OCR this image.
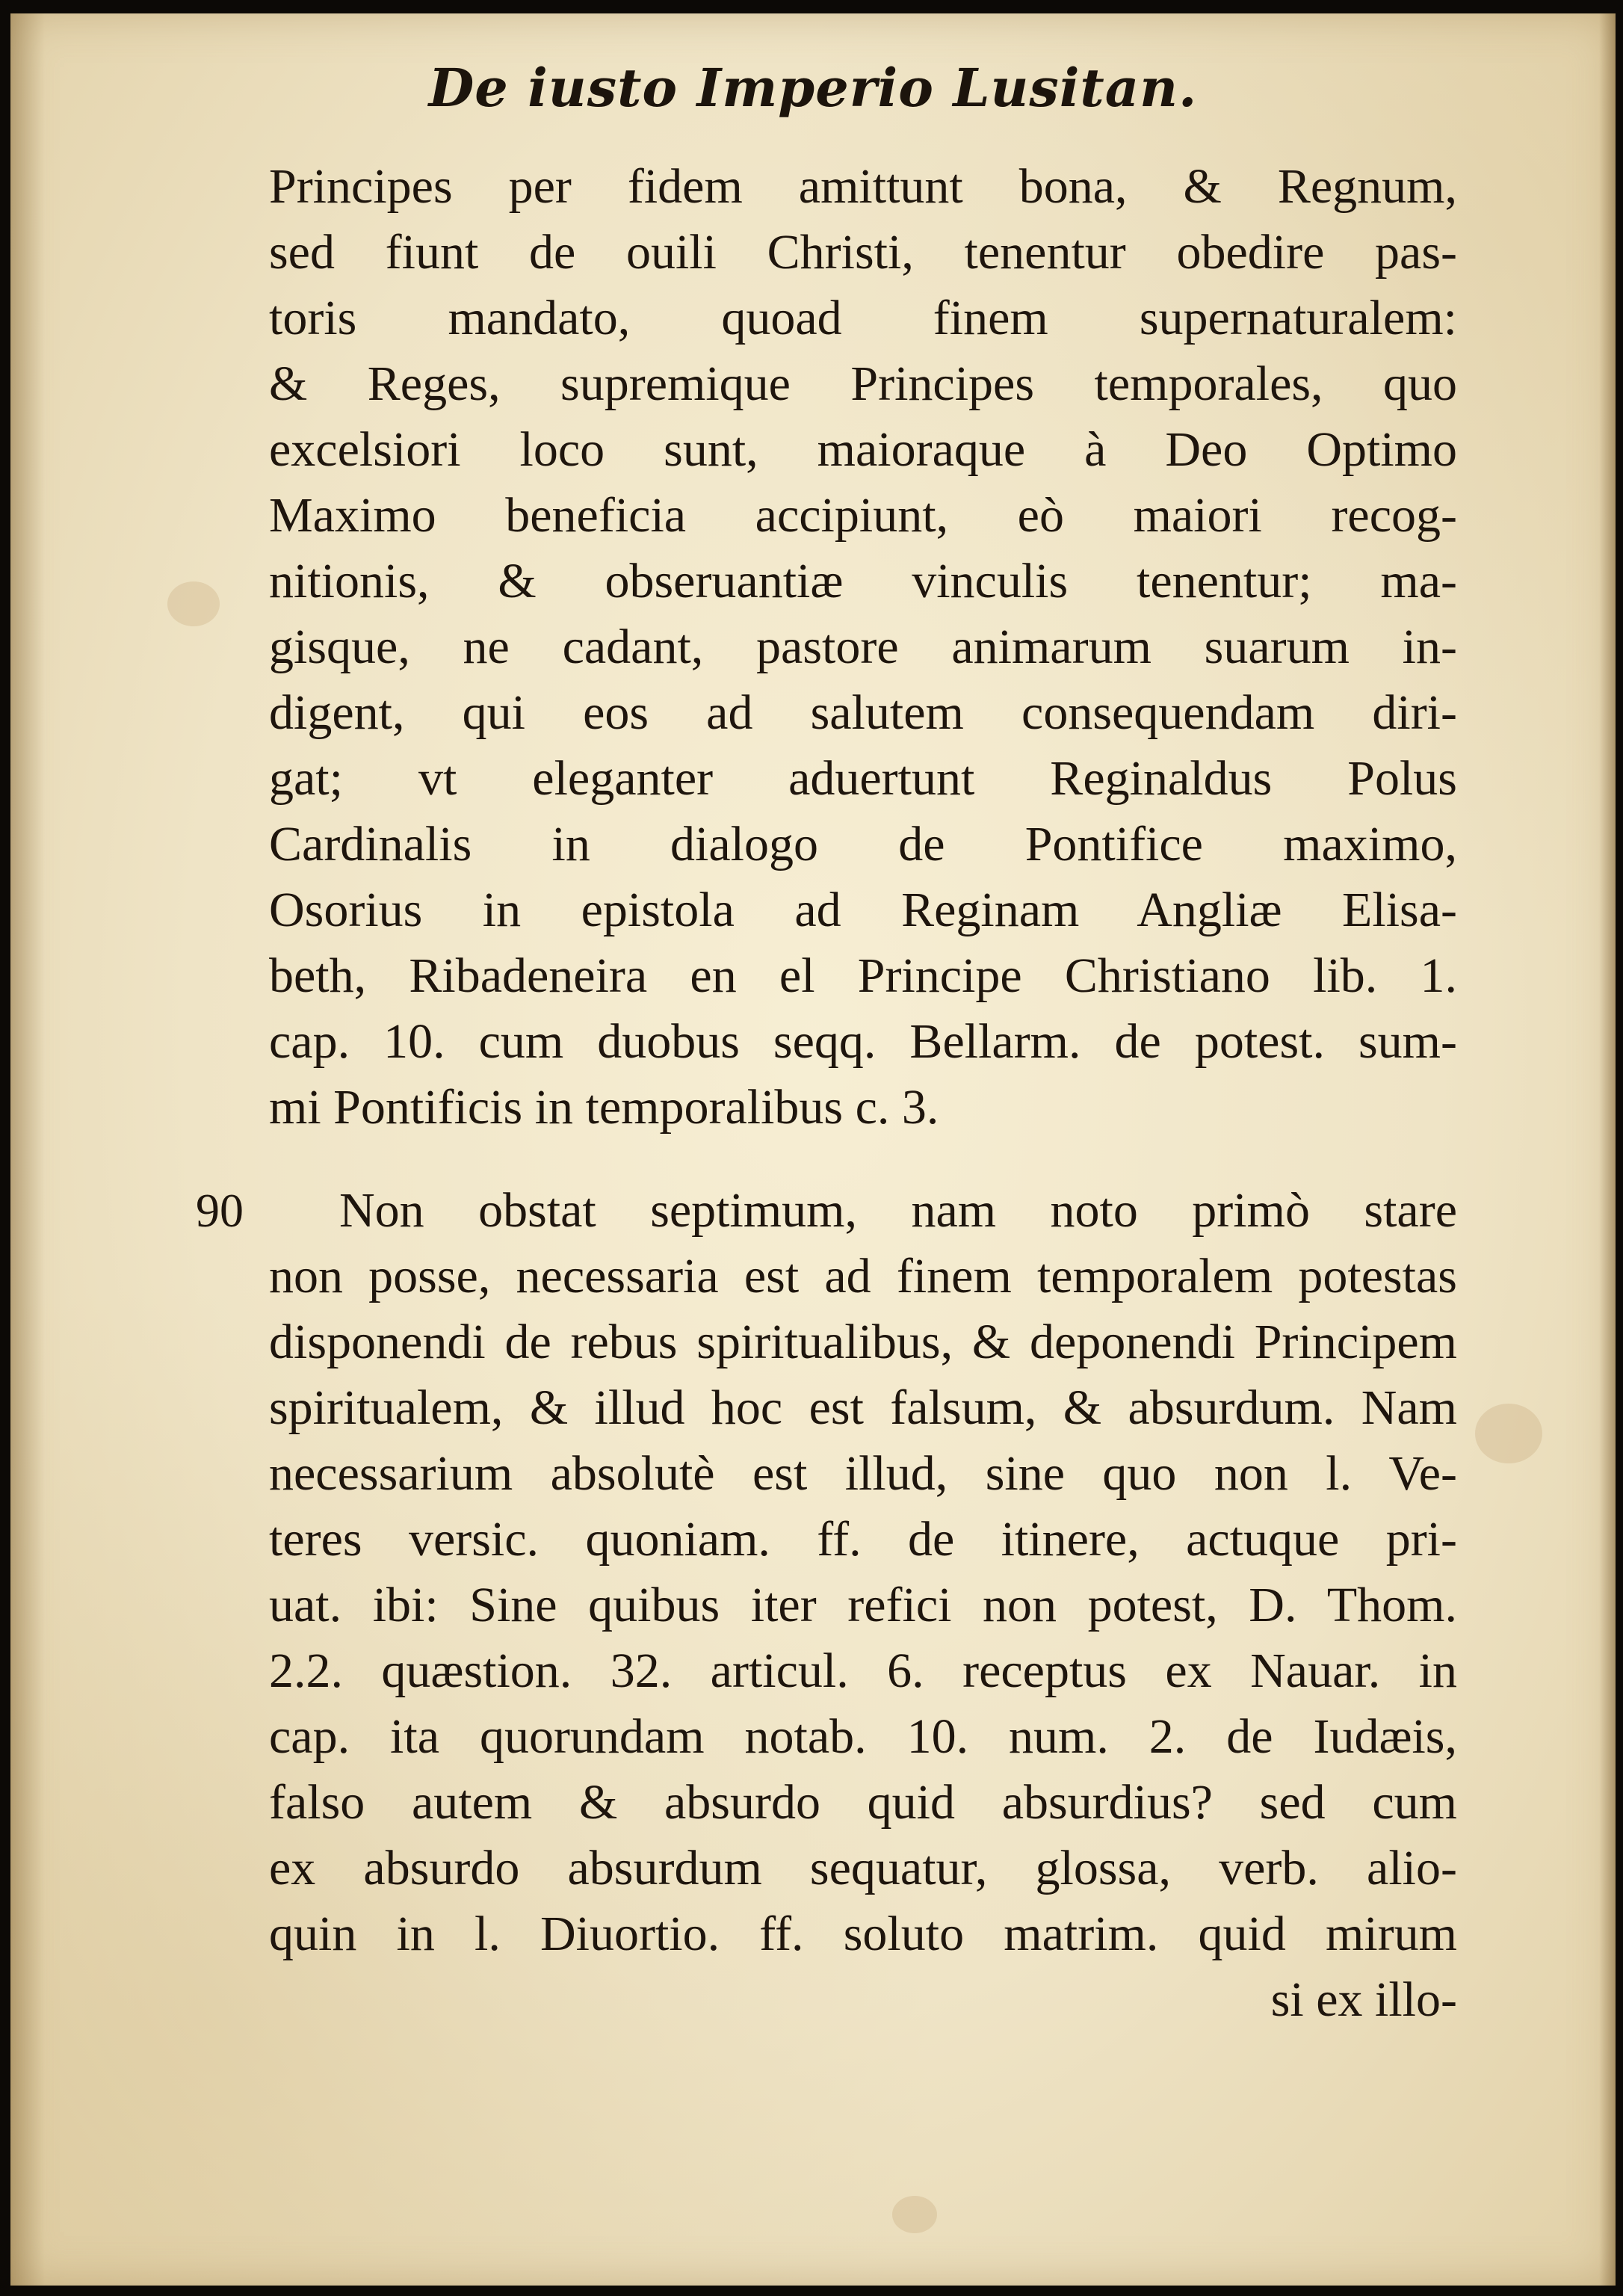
De iusto Imperio Lusitan.
90
Principes per fidem amittunt bona, & Regnum,
sed fiunt de ouili Christi, tenentur obedire pas-
toris mandato, quoad finem supernaturalem:
& Reges, supremique Principes temporales, quo
excelsiori loco sunt, maioraque à Deo Optimo
Maximo beneficia accipiunt, eò maiori recog-
nitionis, & obseruantiæ vinculis tenentur; ma-
gisque, ne cadant, pastore animarum suarum in-
digent, qui eos ad salutem consequendam diri-
gat; vt eleganter aduertunt Reginaldus Polus
Cardinalis in dialogo de Pontifice maximo,
Osorius in epistola ad Reginam Angliæ Elisa-
beth, Ribadeneira en el Principe Christiano lib. 1.
cap. 10. cum duobus seqq. Bellarm. de potest. sum-
mi Pontificis in temporalibus c. 3.
Non obstat septimum, nam noto primò stare
non posse, necessaria est ad finem temporalem potestas
disponendi de rebus spiritualibus, & deponendi Principem
spiritualem, & illud hoc est falsum, & absurdum. Nam
necessarium absolutè est illud, sine quo non l. Ve-
teres versic. quoniam. ff. de itinere, actuque pri-
uat. ibi: Sine quibus iter refici non potest, D. Thom.
2.2. quæstion. 32. articul. 6. receptus ex Nauar. in
cap. ita quorundam notab. 10. num. 2. de Iudæis,
falso autem & absurdo quid absurdius? sed cum
ex absurdo absurdum sequatur, glossa, verb. alio-
quin in l. Diuortio. ff. soluto matrim. quid mirum
si ex illo-
